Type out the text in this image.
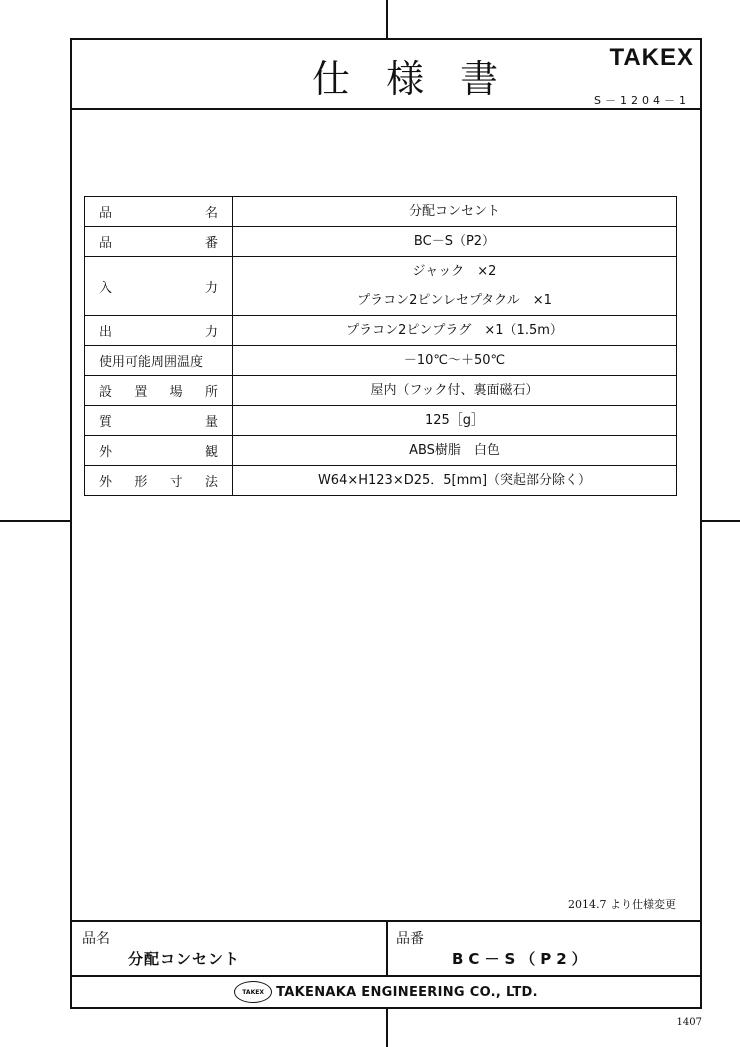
仕 様 書	TAKEX
S－1204－1
品 名	分配コンセント

品 番	BC－S（P2）

入 力	ジャック　×2
プラコン2ピンレセプタクル　×1

出 力	プラコン2ピンプラグ　×1（1.5m）

使用可能周囲温度	－10℃～＋50℃

設 置 場 所	屋内（フック付、裏面磁石）

質 量	125［g］

外 観	ABS樹脂　白色

外 形 寸 法	W64×H123×D25．5[mm]（突起部分除く）
2014.7 より仕様変更
品名
分配コンセント
品番
BC－S（P2）
TAKEX TAKENAKA ENGINEERING CO., LTD.
1407
